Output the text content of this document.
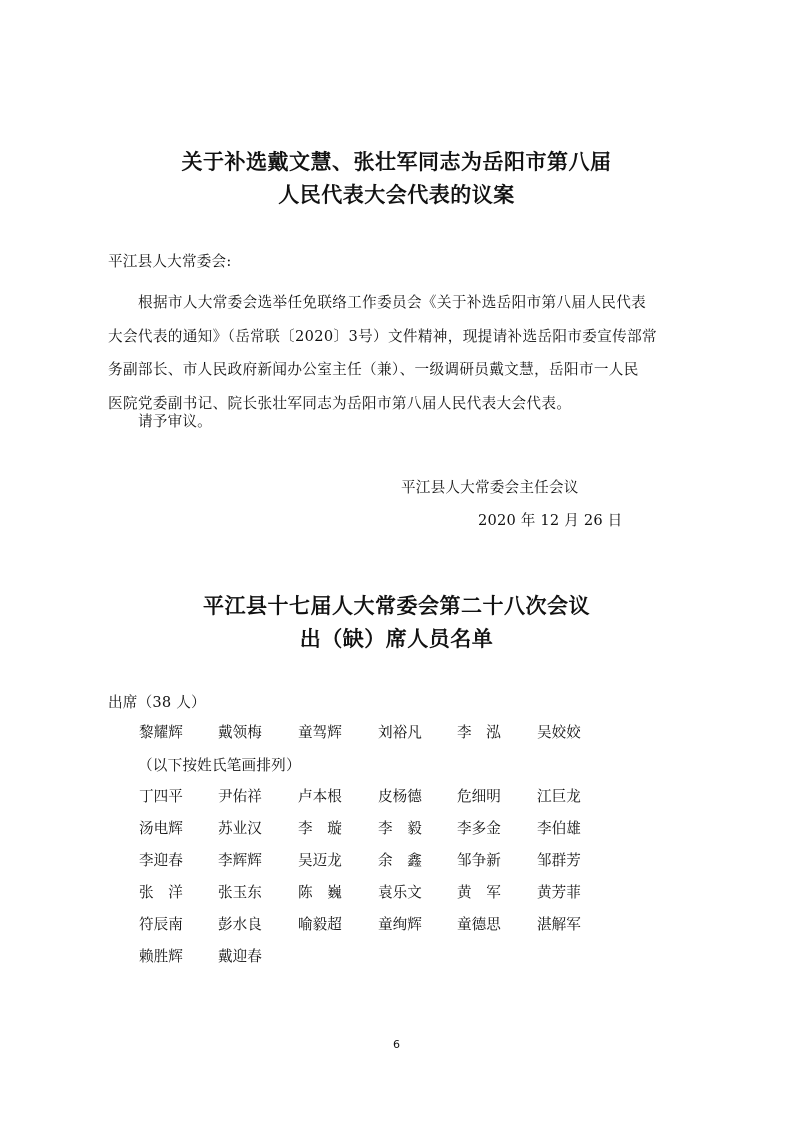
关于补选戴文慧、张壮军同志为岳阳市第八届
人民代表大会代表的议案
平江县人大常委会:
根据市人大常委会选举任免联络工作委员会《关于补选岳阳市第八届人民代表
大会代表的通知》（岳常联〔2020〕3号）文件精神，现提请补选岳阳市委宣传部常
务副部长、市人民政府新闻办公室主任（兼）、一级调研员戴文慧，岳阳市一人民
医院党委副书记、院长张壮军同志为岳阳市第八届人民代表大会代表。
请予审议。
平江县人大常委会主任会议
2020 年 12 月 26 日
平江县十七届人大常委会第二十八次会议
出（缺）席人员名单
出席（38 人）
黎耀辉 戴领梅 童驾辉 刘裕凡 李　泓 吴姣姣
（以下按姓氏笔画排列）
丁四平 尹佑祥 卢本根 皮杨德 危细明 江巨龙
汤电辉 苏业汉 李　璇 李　毅 李多金 李伯雄
李迎春 李辉辉 吴迈龙 余　鑫 邹争新 邹群芳
张　洋 张玉东 陈　巍 袁乐文 黄　军 黄芳菲
符辰南 彭水良 喻毅超 童绚辉 童德思 湛解军
赖胜辉 戴迎春
6
